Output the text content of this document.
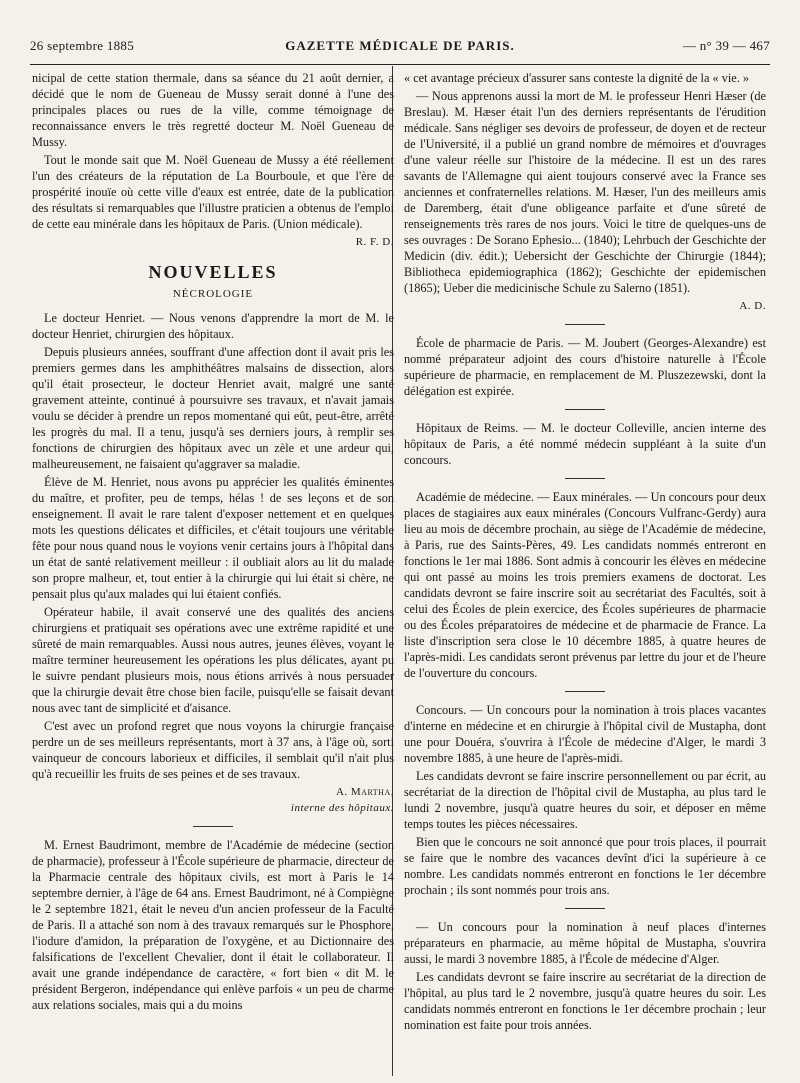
26 septembre 1885	GAZETTE MÉDICALE DE PARIS.	— n° 39 — 467

nicipal de cette station thermale, dans sa séance du 21 août dernier, a décidé que le nom de Gueneau de Mussy serait donné à l'une des principales places ou rues de la ville, comme témoignage de reconnaissance envers le très regretté docteur M. Noël Gueneau de Mussy.

Tout le monde sait que M. Noël Gueneau de Mussy a été réellement l'un des créateurs de la réputation de La Bourboule, et que l'ère de prospérité inouïe où cette ville d'eaux est entrée, date de la publication des résultats si remarquables que l'illustre praticien a obtenus de l'emploi de cette eau minérale dans les hôpitaux de Paris. (Union médicale).

R. F. D.
NOUVELLES
NÉCROLOGIE

Le docteur Henriet. — Nous venons d'apprendre la mort de M. le docteur Henriet, chirurgien des hôpitaux.

Depuis plusieurs années, souffrant d'une affection dont il avait pris les premiers germes dans les amphithéâtres malsains de dissection, alors qu'il était prosecteur, le docteur Henriet avait, malgré une santé gravement atteinte, continué à poursuivre ses travaux, et n'avait jamais voulu se décider à prendre un repos momentané qui eût, peut-être, arrêté les progrès du mal. Il a tenu, jusqu'à ses derniers jours, à remplir ses fonctions de chirurgien des hôpitaux avec un zèle et une ardeur qui, malheureusement, ne faisaient qu'aggraver sa maladie.

Élève de M. Henriet, nous avons pu apprécier les qualités éminentes du maître, et profiter, peu de temps, hélas ! de ses leçons et de son enseignement. Il avait le rare talent d'exposer nettement et en quelques mots les questions délicates et difficiles, et c'était toujours une véritable fête pour nous quand nous le voyions venir certains jours à l'hôpital dans un état de santé relativement meilleur : il oubliait alors au lit du malade son propre malheur, et, tout entier à la chirurgie qui lui était si chère, ne pensait plus qu'aux malades qui lui étaient confiés.

Opérateur habile, il avait conservé une des qualités des anciens chirurgiens et pratiquait ses opérations avec une extrême rapidité et une sûreté de main remarquables. Aussi nous autres, jeunes élèves, voyant le maître terminer heureusement les opérations les plus délicates, ayant pu le suivre pendant plusieurs mois, nous étions arrivés à nous persuader que la chirurgie devait être chose bien facile, puisqu'elle se faisait devant nous avec tant de simplicité et d'aisance.

C'est avec un profond regret que nous voyons la chirurgie française perdre un de ses meilleurs représentants, mort à 37 ans, à l'âge où, sorti vainqueur de concours laborieux et difficiles, il semblait qu'il n'ait plus qu'à recueillir les fruits de ses peines et de ses travaux.

A. Martha,
interne des hôpitaux.

M. Ernest Baudrimont, membre de l'Académie de médecine (section de pharmacie), professeur à l'École supérieure de pharmacie, directeur de la Pharmacie centrale des hôpitaux civils, est mort à Paris le 14 septembre dernier, à l'âge de 64 ans. Ernest Baudrimont, né à Compiègne le 2 septembre 1821, était le neveu d'un ancien professeur de la Faculté de Paris. Il a attaché son nom à des travaux remarqués sur le Phosphore, l'iodure d'amidon, la préparation de l'oxygène, et au Dictionnaire des falsifications de l'excellent Chevalier, dont il était le collaborateur. Il avait une grande indépendance de caractère, « fort bien « dit M. le président Bergeron, indépendance qui enlève parfois « un peu de charme aux relations sociales, mais qui a du moins

« cet avantage précieux d'assurer sans conteste la dignité de la « vie. »

— Nous apprenons aussi la mort de M. le professeur Henri Hæser (de Breslau). M. Hæser était l'un des derniers représentants de l'érudition médicale. Sans négliger ses devoirs de professeur, de doyen et de recteur de l'Université, il a publié un grand nombre de mémoires et d'ouvrages d'une valeur réelle sur l'histoire de la médecine. Il est un des rares savants de l'Allemagne qui aient toujours conservé avec la France ses anciennes et confraternelles relations. M. Hæser, l'un des meilleurs amis de Daremberg, était d'une obligeance parfaite et d'une sûreté de renseignements très rares de nos jours. Voici le titre de quelques-uns de ses ouvrages : De Sorano Ephesio... (1840); Lehrbuch der Geschichte der Medicin (div. édit.); Uebersicht der Geschichte der Chirurgie (1844); Bibliotheca epidemiographica (1862); Geschichte der epidemischen (1865); Ueber die medicinische Schule zu Salerno (1851).

A. D.

École de pharmacie de Paris. — M. Joubert (Georges-Alexandre) est nommé préparateur adjoint des cours d'histoire naturelle à l'École supérieure de pharmacie, en remplacement de M. Pluszezewski, dont la délégation est expirée.

Hôpitaux de Reims. — M. le docteur Colleville, ancien interne des hôpitaux de Paris, a été nommé médecin suppléant à la suite d'un concours.

Académie de médecine. — Eaux minérales. — Un concours pour deux places de stagiaires aux eaux minérales (Concours Vulfranc-Gerdy) aura lieu au mois de décembre prochain, au siège de l'Académie de médecine, à Paris, rue des Saints-Pères, 49. Les candidats nommés entreront en fonctions le 1er mai 1886. Sont admis à concourir les élèves en médecine qui ont passé au moins les trois premiers examens de doctorat. Les candidats devront se faire inscrire soit au secrétariat des Facultés, soit à celui des Écoles de plein exercice, des Écoles supérieures de pharmacie ou des Écoles préparatoires de médecine et de pharmacie de France. La liste d'inscription sera close le 10 décembre 1885, à quatre heures de l'après-midi. Les candidats seront prévenus par lettre du jour et de l'heure de l'ouverture du concours.

Concours. — Un concours pour la nomination à trois places vacantes d'interne en médecine et en chirurgie à l'hôpital civil de Mustapha, dont une pour Douéra, s'ouvrira à l'École de médecine d'Alger, le mardi 3 novembre 1885, à une heure de l'après-midi.

Les candidats devront se faire inscrire personnellement ou par écrit, au secrétariat de la direction de l'hôpital civil de Mustapha, au plus tard le lundi 2 novembre, jusqu'à quatre heures du soir, et déposer en même temps toutes les pièces nécessaires.

Bien que le concours ne soit annoncé que pour trois places, il pourrait se faire que le nombre des vacances devînt d'ici la supérieure à ce nombre. Les candidats nommés entreront en fonctions le 1er décembre prochain ; ils sont nommés pour trois ans.

— Un concours pour la nomination à neuf places d'internes préparateurs en pharmacie, au même hôpital de Mustapha, s'ouvrira aussi, le mardi 3 novembre 1885, à l'École de médecine d'Alger.

Les candidats devront se faire inscrire au secrétariat de la direction de l'hôpital, au plus tard le 2 novembre, jusqu'à quatre heures du soir. Les candidats nommés entreront en fonctions le 1er décembre prochain ; leur nomination est faite pour trois années.
